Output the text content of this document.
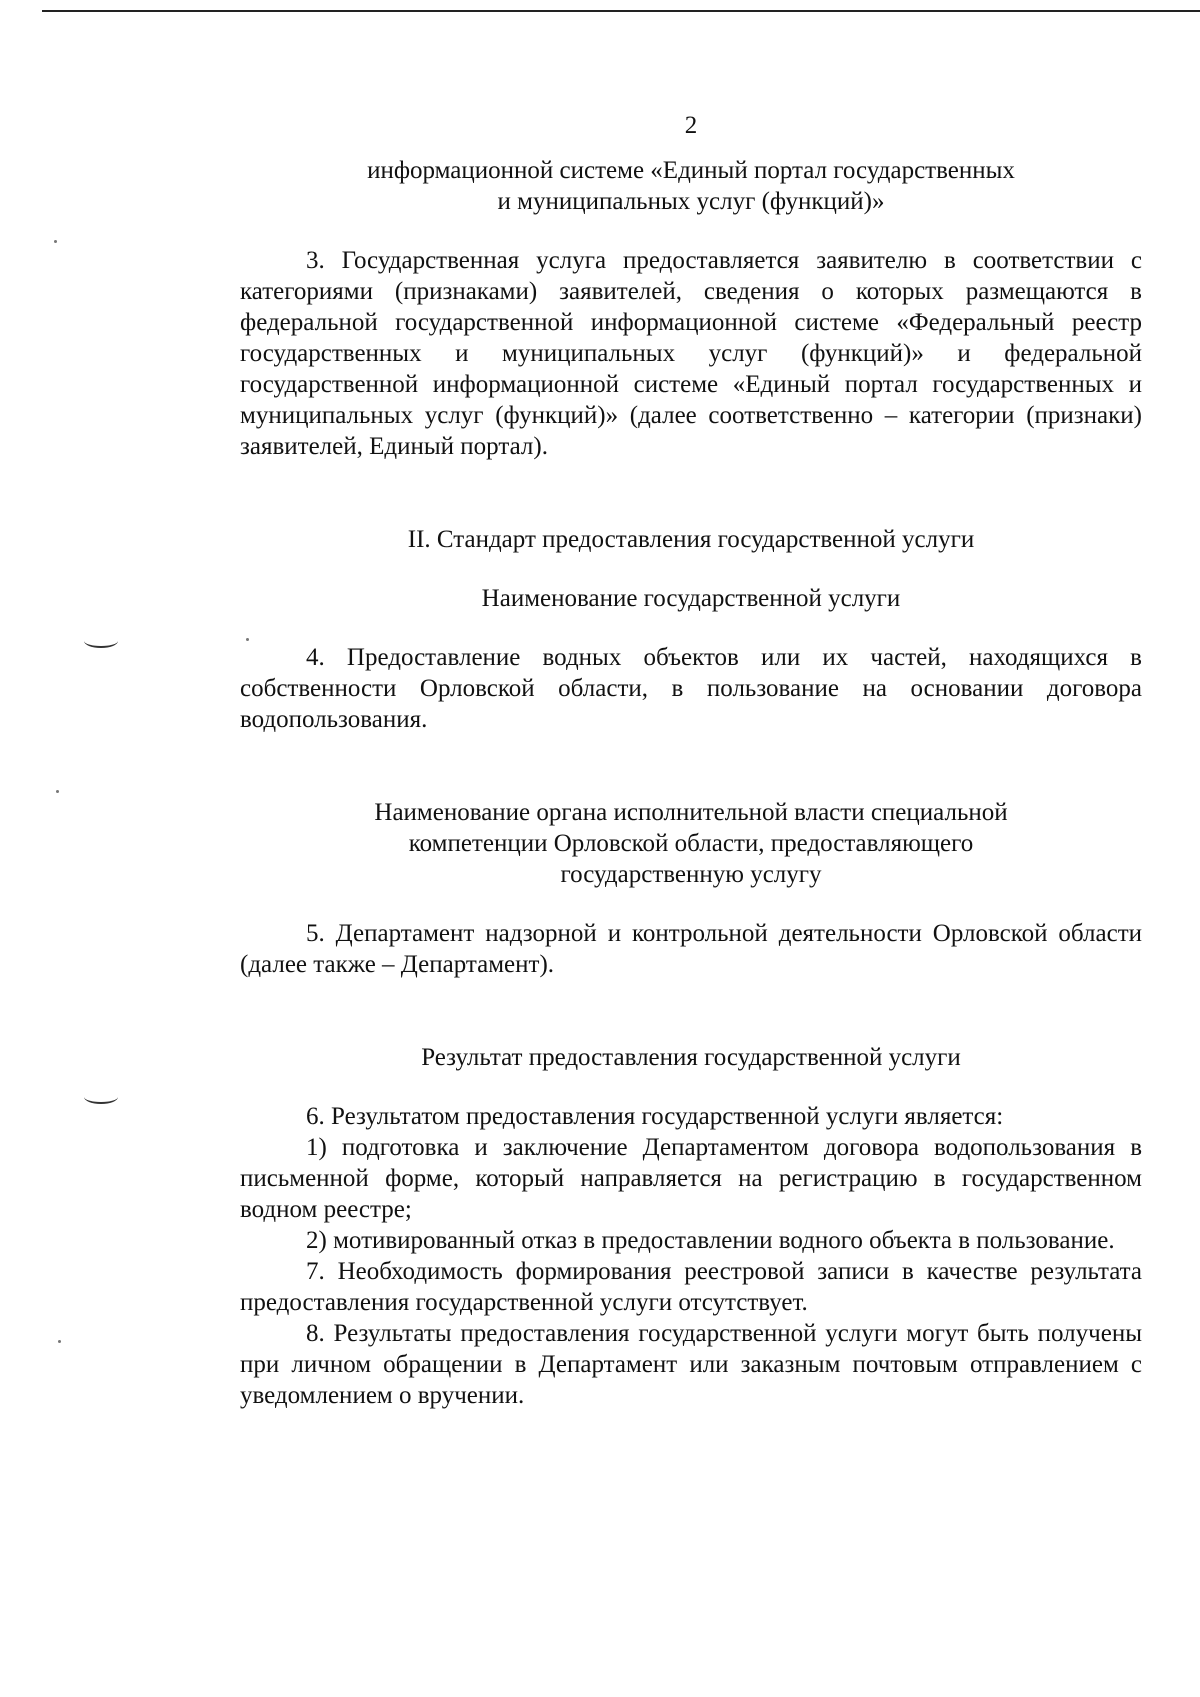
2

информационной системе «Единый портал государственных

и муниципальных услуг (функций)»

3. Государственная услуга предоставляется заявителю в соответствии с категориями (признаками) заявителей, сведения о которых размещаются в федеральной государственной информационной системе «Федеральный реестр государственных и муниципальных услуг (функций)» и федеральной государственной информационной системе «Единый портал государственных и муниципальных услуг (функций)» (далее соответственно – категории (признаки) заявителей, Единый портал).

II. Стандарт предоставления государственной услуги

Наименование государственной услуги

4. Предоставление водных объектов или их частей, находящихся в собственности Орловской области, в пользование на основании договора водопользования.

Наименование органа исполнительной власти специальной

компетенции Орловской области, предоставляющего

государственную услугу

5. Департамент надзорной и контрольной деятельности Орловской области (далее также – Департамент).

Результат предоставления государственной услуги

6. Результатом предоставления государственной услуги является:

1) подготовка и заключение Департаментом договора водопользования в письменной форме, который направляется на регистрацию в государственном водном реестре;

2) мотивированный отказ в предоставлении водного объекта в пользование.

7. Необходимость формирования реестровой записи в качестве результата предоставления государственной услуги отсутствует.

8. Результаты предоставления государственной услуги могут быть получены при личном обращении в Департамент или заказным почтовым отправлением с уведомлением о вручении.
